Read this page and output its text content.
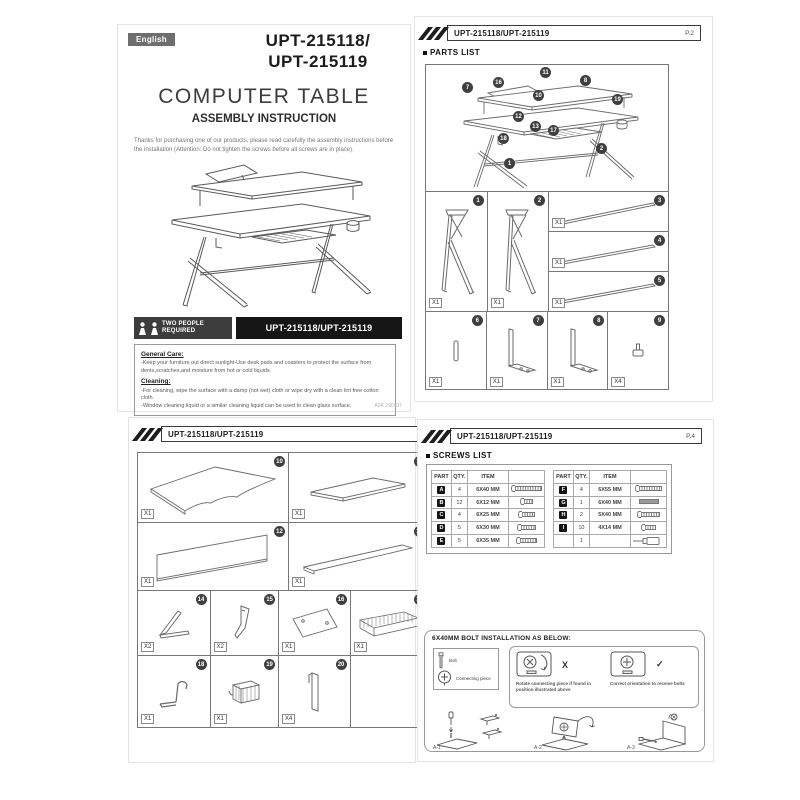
English	UPT-215118/
UPT-215119
COMPUTER TABLE
ASSEMBLY INSTRUCTION
Thanks for purchasing one of our products, please read carefully the assembly instructions before the installation (Attention: Do not tighten the screws before all screws are in place).
TWO PEOPLE REQUIRED	UPT-215118/UPT-215119
General Care:
-Keep your furniture out direct sunlight-Use desk pads and coasters to protect the surface from dents,scratches,and moisture from hot or cold liquids.
Cleaning:
-For cleaning, wipe the surface with a damp (not wet) cloth or wipe dry with a clean lint free cotton cloth.
-Window cleaning liquid or a similar cleaning liquid can be used to clean glass surface.	A0K 290107
UPT-215118/UPT-215119	P.2
PARTS LIST
7
16
11
8
10
19
12
13
17
18
1
2
1
X1
2
X1
3
X1
4
X1
5
X1
6
X1
7
X1
8
X1
9
X4
UPT-215118/UPT-215119
10
X1	X1
12
X1	X1
14
X2
15
X2
16
X1	X1
18
X1
19
X1
20
X4
UPT-215118/UPT-215119	P.4
SCREWS LIST
PART	QTY.	ITEM	
A	4	6X40 MM	

B	12	6X12 MM	

C	4	6X25 MM	

D	5	6X30 MM	

E	5	6X35 MM	
PART	QTY.	ITEM	
F	4	6X55 MM	

G	1	6X40 MM	

H	2	5X40 MM	

I	10	4X14 MM	

	1		
6X40MM BOLT INSTALLATION AS BELOW:
Bolt
Connecting piece
X
Rotate connecting piece if found in position illustrated above
✓
Correct orientation to receive bolts
A-1	A-2	A-3
